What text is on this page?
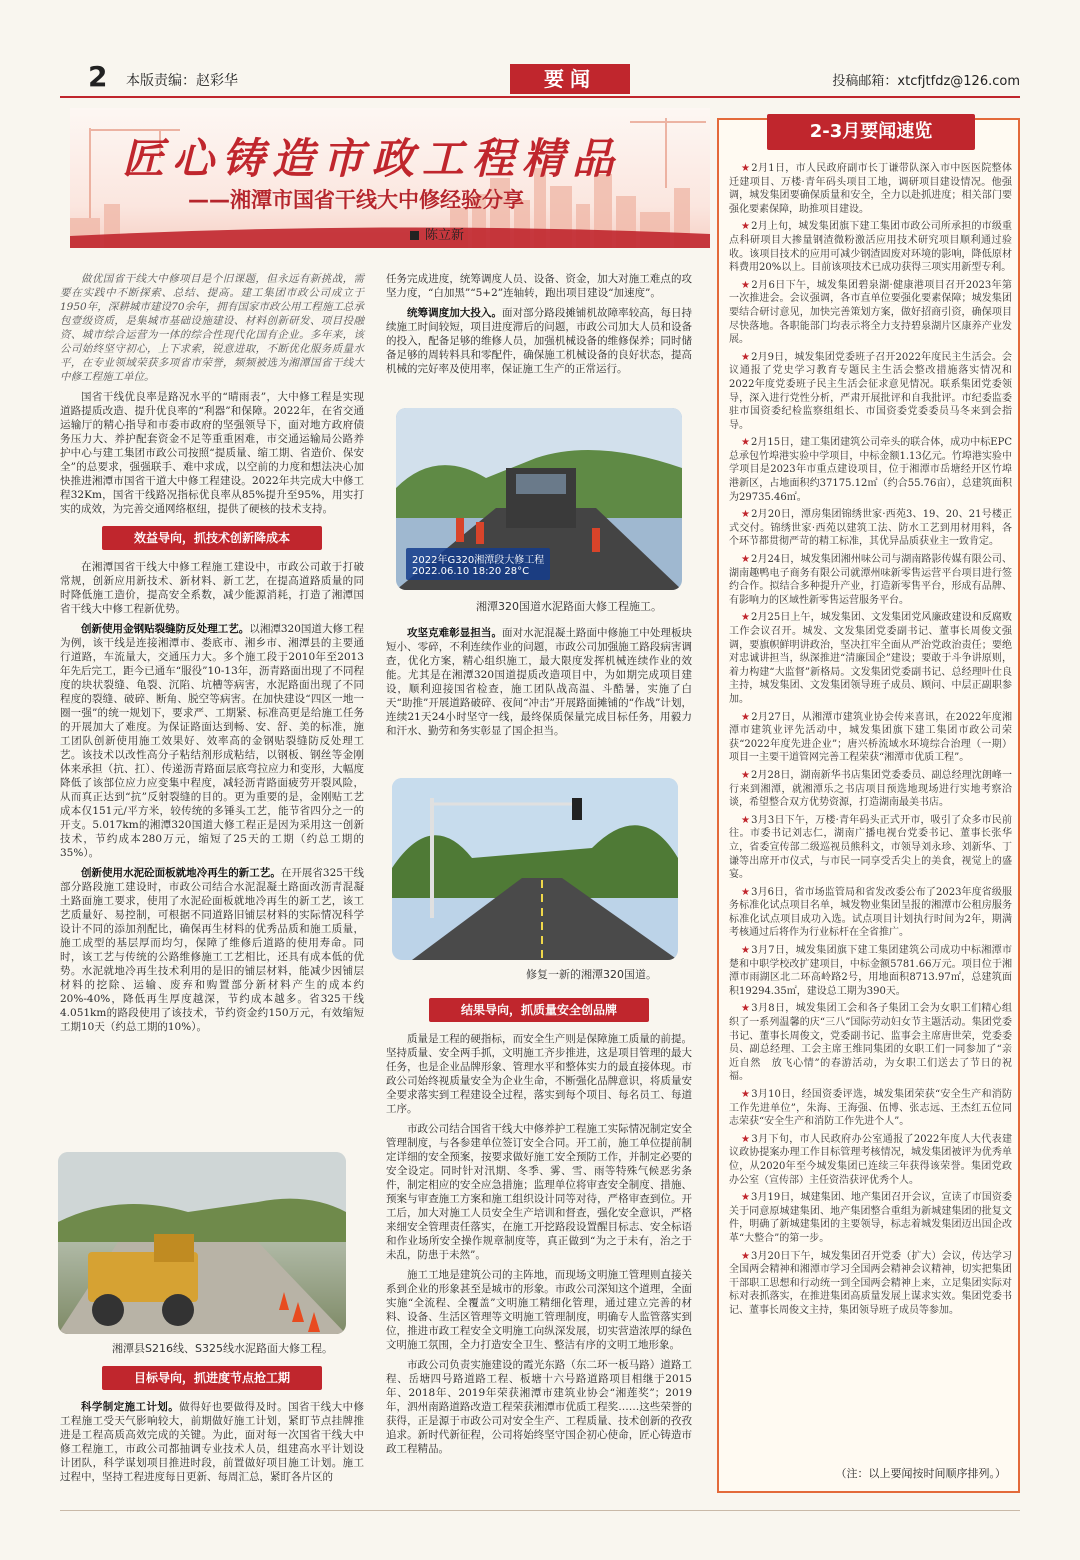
2 本版责编：赵彩华	要闻	投稿邮箱：xtcfjtfdz@126.com
匠心铸造市政工程精品
——湘潭市国省干线大中修经验分享
陈立新

做优国省干线大中修项目是个旧课题，但永远有新挑战，需要在实践中不断探索、总结、提高。建工集团市政公司成立于1950年，深耕城市建设70余年，拥有国家市政公用工程施工总承包壹级资质，是集城市基础设施建设、材料创新研发、项目投融资、城市综合运营为一体的综合性现代化国有企业。多年来，该公司始终坚守初心，上下求索，锐意进取，不断优化服务质量水平，在专业领域荣获多项省市荣誉，频频被选为湘潭国省干线大中修工程施工单位。

国省干线优良率是路况水平的“晴雨表”，大中修工程是实现道路提质改造、提升优良率的“利器”和保障。2022年，在省交通运输厅的精心指导和市委市政府的坚强领导下，面对地方政府债务压力大、养护配套资金不足等重重困难，市交通运输局公路养护中心与建工集团市政公司按照“提质量、缩工期、省造价、保安全”的总要求，强强联手、难中求成，以空前的力度和想法决心加快推进湘潭市国省干道大中修工程建设。2022年共完成大中修工程32Km，国省干线路况指标优良率从85%提升至95%，用实打实的成效，为完善交通网络枢纽，提供了硬核的技术支持。

效益导向，抓技术创新降成本

在湘潭国省干线大中修工程施工建设中，市政公司敢于打破常规，创新应用新技术、新材料、新工艺，在提高道路质量的同时降低施工造价，提高安全系数，减少能源消耗，打造了湘潭国省干线大中修工程新优势。

创新使用金钢贴裂缝防反处理工艺。以湘潭320国道大修工程为例，该干线是连接湘潭市、娄底市、湘乡市、湘潭县的主要通行道路，车流量大，交通压力大。多个施工段于2010年至2013年先后完工，距今已通车“服役”10-13年，沥青路面出现了不同程度的块状裂缝、龟裂、沉陷、坑槽等病害，水泥路面出现了不同程度的裂缝、破碎、断角、脱空等病害。在加快建设“四区一地一圈一强”的统一规划下，要求严、工期紧、标准高更是给施工任务的开展加大了难度。为保证路面达到畅、安、舒、美的标准，施工团队创新使用施工效果好、效率高的金钢贴裂缝防反处理工艺。该技术以改性高分子粘结剂形成粘结，以钢板、钢丝等金刚体来承担（抗、扛）、传递沥青路面层底弯拉应力和变形，大幅度降低了该部位应力应变集中程度，减轻沥青路面疲劳开裂风险，从而真正达到“抗”反射裂缝的目的。更为重要的是，金刚贴工艺成本仅151元/平方米，较传统的多锤头工艺，能节省四分之一的开支。5.017km的湘潭320国道大修工程正是因为采用这一创新技术，节约成本280万元，缩短了25天的工期（约总工期的35%）。

创新使用水泥砼面板就地冷再生的新工艺。在开展省325干线部分路段施工建设时，市政公司结合水泥混凝土路面改沥青混凝土路面施工要求，使用了水泥砼面板就地冷再生的新工艺，该工艺质量好、易控制，可根据不同道路旧铺层材料的实际情况科学设计不同的添加剂配比，确保再生材料的优秀品质和施工质量，施工成型的基层厚而均匀，保障了维修后道路的使用寿命。同时，该工艺与传统的公路维修施工工艺相比，还具有成本低的优势。水泥就地冷再生技术利用的是旧的铺层材料，能减少因铺层材料的挖除、运输、废弃和购置部分新材料产生的成本约20%-40%，降低再生厚度越深，节约成本越多。省325干线4.051km的路段使用了该技术，节约资金约150万元，有效缩短工期10天（约总工期的10%）。

湘潭县S216线、S325线水泥路面大修工程。
目标导向，抓进度节点抢工期

科学制定施工计划。做得好也要做得及时。国省干线大中修工程施工受天气影响较大，前期做好施工计划，紧盯节点挂牌推进是工程高质高效完成的关键。为此，面对每一次国省干线大中修工程施工，市政公司都抽调专业技术人员，组建高水平计划设计团队，科学谋划项目推进时段，前置做好项目施工计划。施工过程中，坚持工程进度每日更新、每周汇总，紧盯各片区的

任务完成进度，统筹调度人员、设备、资金，加大对施工难点的攻坚力度，“白加黑”“5+2”连轴转，跑出项目建设“加速度”。

统筹调度加大投入。面对部分路段摊铺机故障率较高，每日持续施工时间较短，项目进度滞后的问题，市政公司加大人员和设备的投入，配备足够的维修人员，加强机械设备的维修保养；同时储备足够的周转料具和零配件，确保施工机械设备的良好状态，提高机械的完好率及使用率，保证施工生产的正常运行。

2022年G320湘潭段大修工程
2022.06.10 18:20 28°C
湘潭320国道水泥路面大修工程施工。

攻坚克难彰显担当。面对水泥混凝土路面中修施工中处理板块短小、零碎，不利连续作业的问题，市政公司加强施工路段病害调查，优化方案，精心组织施工，最大限度发挥机械连续作业的效能。尤其是在湘潭320国道提质改造项目中，为如期完成项目建设，顺利迎接国省检查，施工团队战高温、斗酷暑，实施了白天“助推”开展道路破碎、夜间“冲击”开展路面摊铺的“作战”计划，连续21天24小时坚守一线，最终保质保量完成目标任务，用毅力和汗水、勤劳和务实彰显了国企担当。

修复一新的湘潭320国道。
结果导向，抓质量安全创品牌

质量是工程的硬指标，而安全生产则是保障施工质量的前提。坚持质量、安全两手抓，文明施工齐步推进，这是项目管理的最大任务，也是企业品牌形象、管理水平和整体实力的最直接体现。市政公司始终视质量安全为企业生命，不断强化品牌意识，将质量安全要求落实到工程建设全过程，落实到每个项目、每名员工、每道工序。

市政公司结合国省干线大中修养护工程施工实际情况制定安全管理制度，与各参建单位签订安全合同。开工前，施工单位提前制定详细的安全预案，按要求做好施工安全预防工作，并制定必要的安全设定。同时针对汛期、冬季、雾、雪、雨等特殊气候恶劣条件，制定相应的安全应急措施；监理单位将审查安全制度、措施、预案与审查施工方案和施工组织设计同等对待，严格审查到位。开工后，加大对施工人员安全生产培训和督查，强化安全意识，严格来细安全管理责任落实，在施工开挖路段设置醒目标志、安全标语和作业场所安全操作规章制度等，真正做到“为之于未有，治之于未乱，防患于未然”。

施工工地是建筑公司的主阵地，而现场文明施工管理则直接关系到企业的形象甚至是城市的形象。市政公司深知这个道理，全面实施“全流程、全覆盖”文明施工精细化管理，通过建立完善的材料、设备、生活区管理等文明施工管理制度，明确专人监管落实到位，推进市政工程安全文明施工向纵深发展，切实营造浓厚的绿色文明施工氛围，全力打造安全卫生、整洁有序的文明工地形象。

市政公司负责实施建设的霞光东路（东二环一板马路）道路工程、岳塘四号路道路工程、板塘十六号路道路项目相继于2015年、2018年、2019年荣获湘潭市建筑业协会“湘莲奖”；2019年，泗州南路道路改造工程荣获湘潭市优质工程奖……这些荣誉的获得，正是源于市政公司对安全生产、工程质量、技术创新的孜孜追求。新时代新征程，公司将始终坚守国企初心使命，匠心铸造市政工程精品。

2-3月要闻速览

★ 2月1日，市人民政府副市长丁谦带队深入市中医医院整体迁建项目、万楼·青年码头项目工地，调研项目建设情况。他强调，城发集团要确保质量和安全，全力以赴抓进度；相关部门要强化要素保障，助推项目建设。

★ 2月上旬，城发集团旗下建工集团市政公司所承担的市级重点科研项目大掺量钢渣微粉激活应用技术研究项目顺利通过验收。该项目技术的应用可减少钢渣固废对环境的影响，降低原材料费用20%以上。目前该项技术已成功获得三项实用新型专利。

★ 2月6日下午，城发集团碧泉湖·健康港项目召开2023年第一次推进会。会议强调，各市直单位要强化要素保障；城发集团要结合研讨意见，加快完善策划方案，做好招商引资，确保项目尽快落地。各职能部门均表示将全力支持碧泉湖片区康养产业发展。

★ 2月9日，城发集团党委班子召开2022年度民主生活会。会议通报了党史学习教育专题民主生活会整改措施落实情况和2022年度党委班子民主生活会征求意见情况。联系集团党委领导，深入进行党性分析，严肃开展批评和自我批评。市纪委监委驻市国资委纪检监察组组长、市国资委党委委员马冬来到会指导。

★ 2月15日，建工集团建筑公司牵头的联合体，成功中标EPC总承包竹埠港实验中学项目，中标金额1.13亿元。竹埠港实验中学项目是2023年市重点建设项目，位于湘潭市岳塘经开区竹埠港新区，占地面积约37175.12㎡（约合55.76亩），总建筑面积为29735.46㎡。

★ 2月20日，潭房集团锦绣世家·西苑3、19、20、21号楼正式交付。锦绣世家·西苑以建筑工法、防水工艺到用材用料，各个环节都贯彻严苛的精工标准，其优异品质获业主一致肯定。

★ 2月24日，城发集团湘州味公司与湖南路影传媒有限公司、湖南趣鸭电子商务有限公司就潭州味新零售运营平台项目进行签约合作。拟结合多种提升产业，打造新零售平台，形成有品牌、有影响力的区域性新零售运营服务平台。

★ 2月25日上午，城发集团、文发集团党风廉政建设和反腐败工作会议召开。城发、文发集团党委副书记、董事长周俊文强调，要旗帜鲜明讲政治，坚决扛牢全面从严治党政治责任；要绝对忠诚讲担当，纵深推进“清廉国企”建设；要敢于斗争讲原则，着力构建“大监督”新格局。文发集团党委副书记、总经理叶仕良主持，城发集团、文发集团领导班子成员、顾问、中层正副职参加。

★ 2月27日，从湘潭市建筑业协会传来喜讯，在2022年度湘潭市建筑业评先活动中，城发集团旗下建工集团市政公司荣获“2022年度先进企业”；唐兴桥流域水环境综合治理（一期）项目一主要干道管网完善工程荣获“湘潭市优质工程”。

★ 2月28日，湖南新华书店集团党委委员、副总经理沈朗峰一行来到湘潭，就湘潭乐之书店项目预选地现场进行实地考察洽谈，希望整合双方优势资源，打造湖南最美书店。

★ 3月3日下午，万楼·青年码头正式开市，吸引了众多市民前往。市委书记刘志仁，湖南广播电视台党委书记、董事长张华立，省委宣传部二级巡视员熊科文，市领导刘永珍、刘新华、丁谦等出席开市仪式，与市民一同享受舌尖上的美食，视觉上的盛宴。

★ 3月6日，省市场监管局和省发改委公布了2023年度省级服务标准化试点项目名单，城发物业集团呈报的湘潭市公租房服务标准化试点项目成功入选。试点项目计划执行时间为2年，期满考核通过后将作为行业标杆在全省推广。

★ 3月7日，城发集团旗下建工集团建筑公司成功中标湘潭市楚和中职学校改扩建项目，中标金额5781.66万元。项目位于湘潭市雨湖区北二环高岭路2号，用地面积8713.97㎡，总建筑面积19294.35㎡，建设总工期为390天。

★ 3月8日，城发集团工会和各子集团工会为女职工们精心组织了一系列温馨的庆“三八”国际劳动妇女节主题活动。集团党委书记、董事长周俊文，党委副书记、监事会主席唐世荣，党委委员、副总经理、工会主席王维同集团的女职工们一同参加了“亲近自然　放飞心情”的春游活动，为女职工们送去了节日的祝福。

★ 3月10日，经国资委评选，城发集团荣获“安全生产和消防工作先进单位”，朱海、王海强、伍博、张志远、王杰红五位同志荣获“安全生产和消防工作先进个人”。

★ 3月下旬，市人民政府办公室通报了2022年度人大代表建议政协提案办理工作目标管理考核情况，城发集团被评为优秀单位，从2020年至今城发集团已连续三年获得该荣誉。集团党政办公室（宣传部）主任资浩获评优秀个人。

★ 3月19日，城建集团、地产集团召开会议，宣读了市国资委关于同意原城建集团、地产集团整合重组为新城建集团的批复文件，明确了新城建集团的主要领导，标志着城发集团迈出国企改革“大整合”的第一步。

★ 3月20日下午，城发集团召开党委（扩大）会议，传达学习全国两会精神和湘潭市学习全国两会精神会议精神，切实把集团干部职工思想和行动统一到全国两会精神上来，立足集团实际对标对表抓落实，在推进集团高质量发展上谋求实效。集团党委书记、董事长周俊文主持，集团领导班子成员等参加。

（注：以上要闻按时间顺序排列。）
